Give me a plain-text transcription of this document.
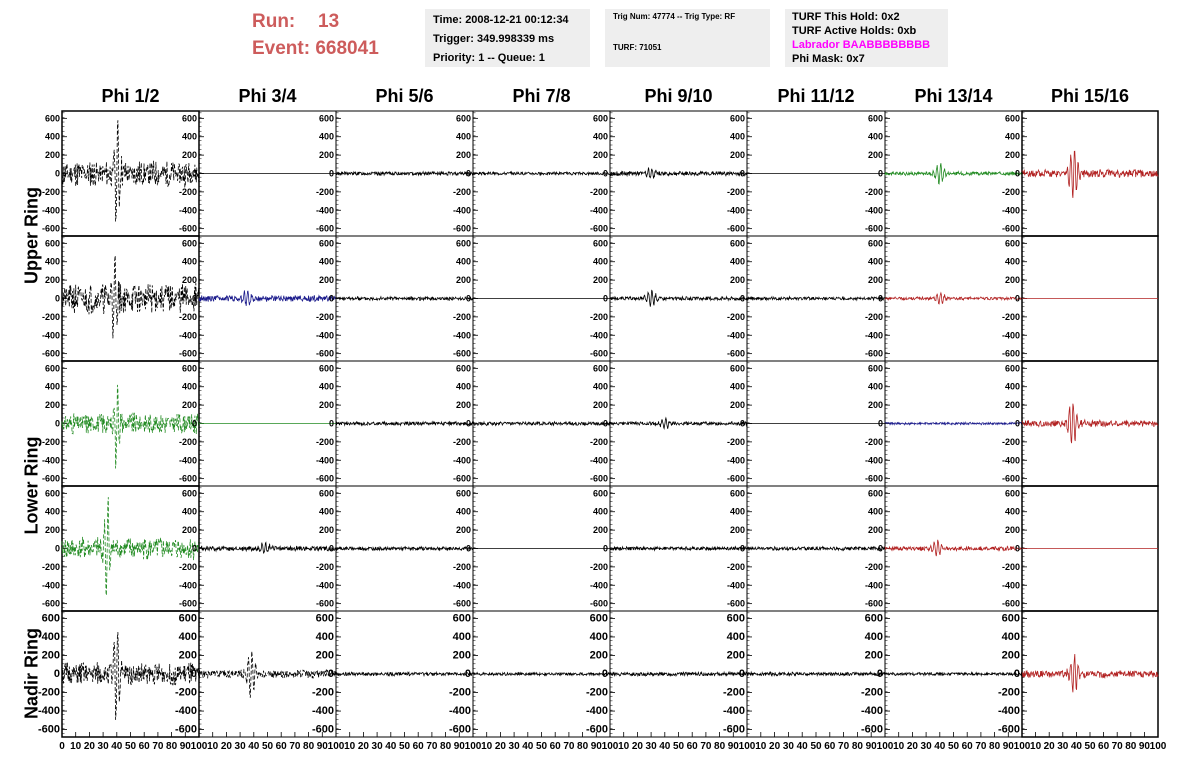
Run: 13
Event: 668041
Time: 2008-12-21 00:12:34
Trigger: 349.998339 ms
Priority: 1 -- Queue: 1
Trig Num: 47774 -- Trig Type: RF
TURF: 71051
TURF This Hold: 0x2
TURF Active Holds: 0xb
Labrador BAABBBBBBBB
Phi Mask: 0x7
Phi 1/2	Phi 3/4	Phi 5/6	Phi 7/8	Phi 9/10	Phi 11/12	Phi 13/14	Phi 15/16
Upper Ring
Lower Ring
Nadir Ring
-600
-400
-200
0
200
400
600
-600
-400
-200
0
200
400
600
-600
-400
-200
0
200
400
600
-600
-400
-200
0
200
400
600
-600
-400
-200
0
200
400
600
-600
-400
-200
0
200
400
600
-600
-400
-200
0
200
400
600
-600
-400
-200
0
200
400
600
-600
-400
-200
0
200
400
600
-600
-400
-200
0
200
400
600
-600
-400
-200
0
200
400
600
-600
-400
-200
0
200
400
600
-600
-400
-200
0
200
400
600
-600
-400
-200
0
200
400
600
-600
-400
-200
0
200
400
600
-600
-400
-200
0
200
400
600
-600
-400
-200
0
200
400
600
-600
-400
-200
0
200
400
600
-600
-400
-200
0
200
400
600
-600
-400
-200
0
200
400
600
-600
-400
-200
0
200
400
600
-600
-400
-200
0
200
400
600
-600
-400
-200
0
200
400
600
-600
-400
-200
0
200
400
600
-600
-400
-200
0
200
400
600
-600
-400
-200
0
200
400
600
-600
-400
-200
0
200
400
600
-600
-400
-200
0
200
400
600
-600
-400
-200
0
200
400
600
-600
-400
-200
0
200
400
600
-600
-400
-200
0
200
400
600
-600
-400
-200
0
200
400
600
-600
-400
-200
0
200
400
600
0 10 20 30 40 50 60 70 80 90 100
-600
-400
-200
0
200
400
600
10 20 30 40 50 60 70 80 90 100
-600
-400
-200
0
200
400
600
10 20 30 40 50 60 70 80 90 100
-600
-400
-200
0
200
400
600
10 20 30 40 50 60 70 80 90 100
-600
-400
-200
0
200
400
600
10 20 30 40 50 60 70 80 90 100
-600
-400
-200
0
200
400
600
10 20 30 40 50 60 70 80 90 100
-600
-400
-200
0
200
400
600
10 20 30 40 50 60 70 80 90 100
-600
-400
-200
0
200
400
600
10 20 30 40 50 60 70 80 90 100
